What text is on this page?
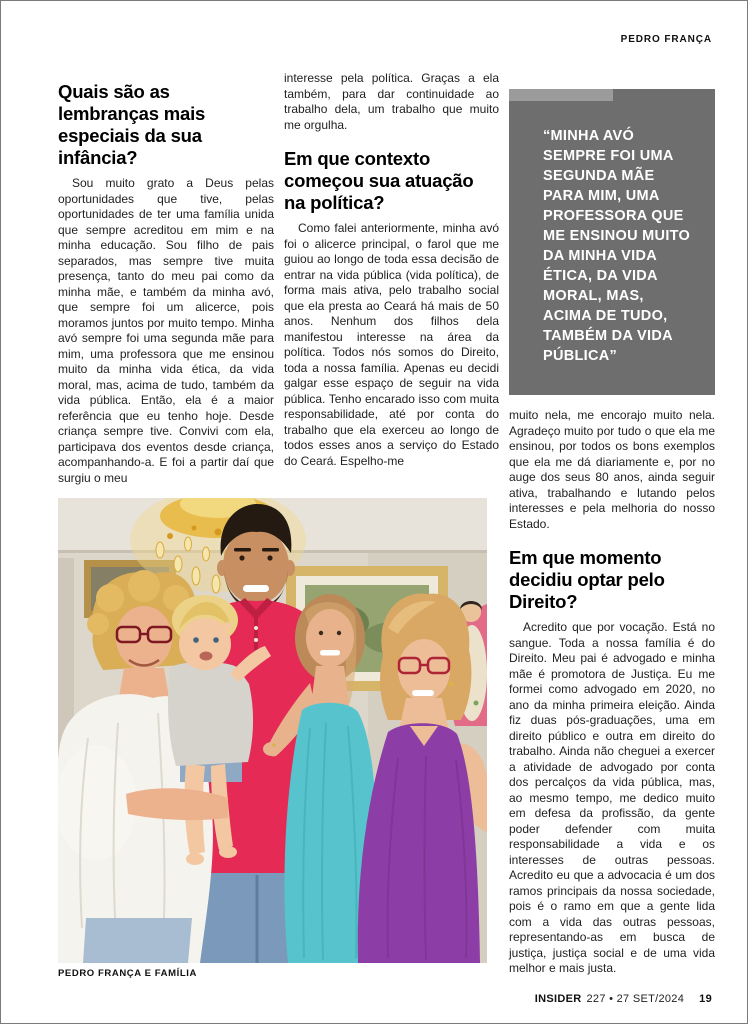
PEDRO FRANÇA
Quais são as lembranças mais especiais da sua infância?

Sou muito grato a Deus pelas oportunidades que tive, pelas oportunidades de ter uma família unida que sempre acreditou em mim e na minha educação. Sou filho de pais separados, mas sempre tive muita presença, tanto do meu pai como da minha mãe, e também da minha avó, que sempre foi um alicerce, pois moramos juntos por muito tempo. Minha avó sempre foi uma segunda mãe para mim, uma professora que me ensinou muito da minha vida ética, da vida moral, mas, acima de tudo, também da vida pública. Então, ela é a maior referência que eu tenho hoje. Desde criança sempre tive. Convivi com ela, participava dos eventos desde criança, acompanhando-a. E foi a partir daí que surgiu o meu

interesse pela política. Graças a ela também, para dar continuidade ao trabalho dela, um trabalho que muito me orgulha.

Em que contexto começou sua atuação na política?

Como falei anteriormente, minha avó foi o alicerce principal, o farol que me guiou ao longo de toda essa decisão de entrar na vida pública (vida política), de forma mais ativa, pelo trabalho social que ela presta ao Ceará há mais de 50 anos. Nenhum dos filhos dela manifestou interesse na área da política. Todos nós somos do Direito, toda a nossa família. Apenas eu decidi galgar esse espaço de seguir na vida pública. Tenho encarado isso com muita responsabilidade, até por conta do trabalho que ela exerceu ao longo de todos esses anos a serviço do Estado do Ceará. Espelho-me

“MINHA AVÓ SEMPRE FOI UMA SEGUNDA MÃE PARA MIM, UMA PROFESSORA QUE ME ENSINOU MUITO DA MINHA VIDA ÉTICA, DA VIDA MORAL, MAS, ACIMA DE TUDO, TAMBÉM DA VIDA PÚBLICA”

muito nela, me encorajo muito nela. Agradeço muito por tudo o que ela me ensinou, por todos os bons exemplos que ela me dá diariamente e, por no auge dos seus 80 anos, ainda seguir ativa, trabalhando e lutando pelos interesses e pela melhoria do nosso Estado.

Em que momento decidiu optar pelo Direito?

Acredito que por vocação. Está no sangue. Toda a nossa família é do Direito. Meu pai é advogado e minha mãe é promotora de Justiça. Eu me formei como advogado em 2020, no ano da minha primeira eleição. Ainda fiz duas pós-graduações, uma em direito público e outra em direito do trabalho. Ainda não cheguei a exercer a atividade de advogado por conta dos percalços da vida pública, mas, ao mesmo tempo, me dedico muito em defesa da profissão, da gente poder defender com muita responsabilidade a vida e os interesses de outras pessoas. Acredito eu que a advocacia é um dos ramos principais da nossa sociedade, pois é o ramo em que a gente lida com a vida das outras pessoas, representando-as em busca de justiça, justiça social e de uma vida melhor e mais justa.

PEDRO FRANÇA E FAMÍLIA
INSIDER 227 • 27 SET/2024 19
